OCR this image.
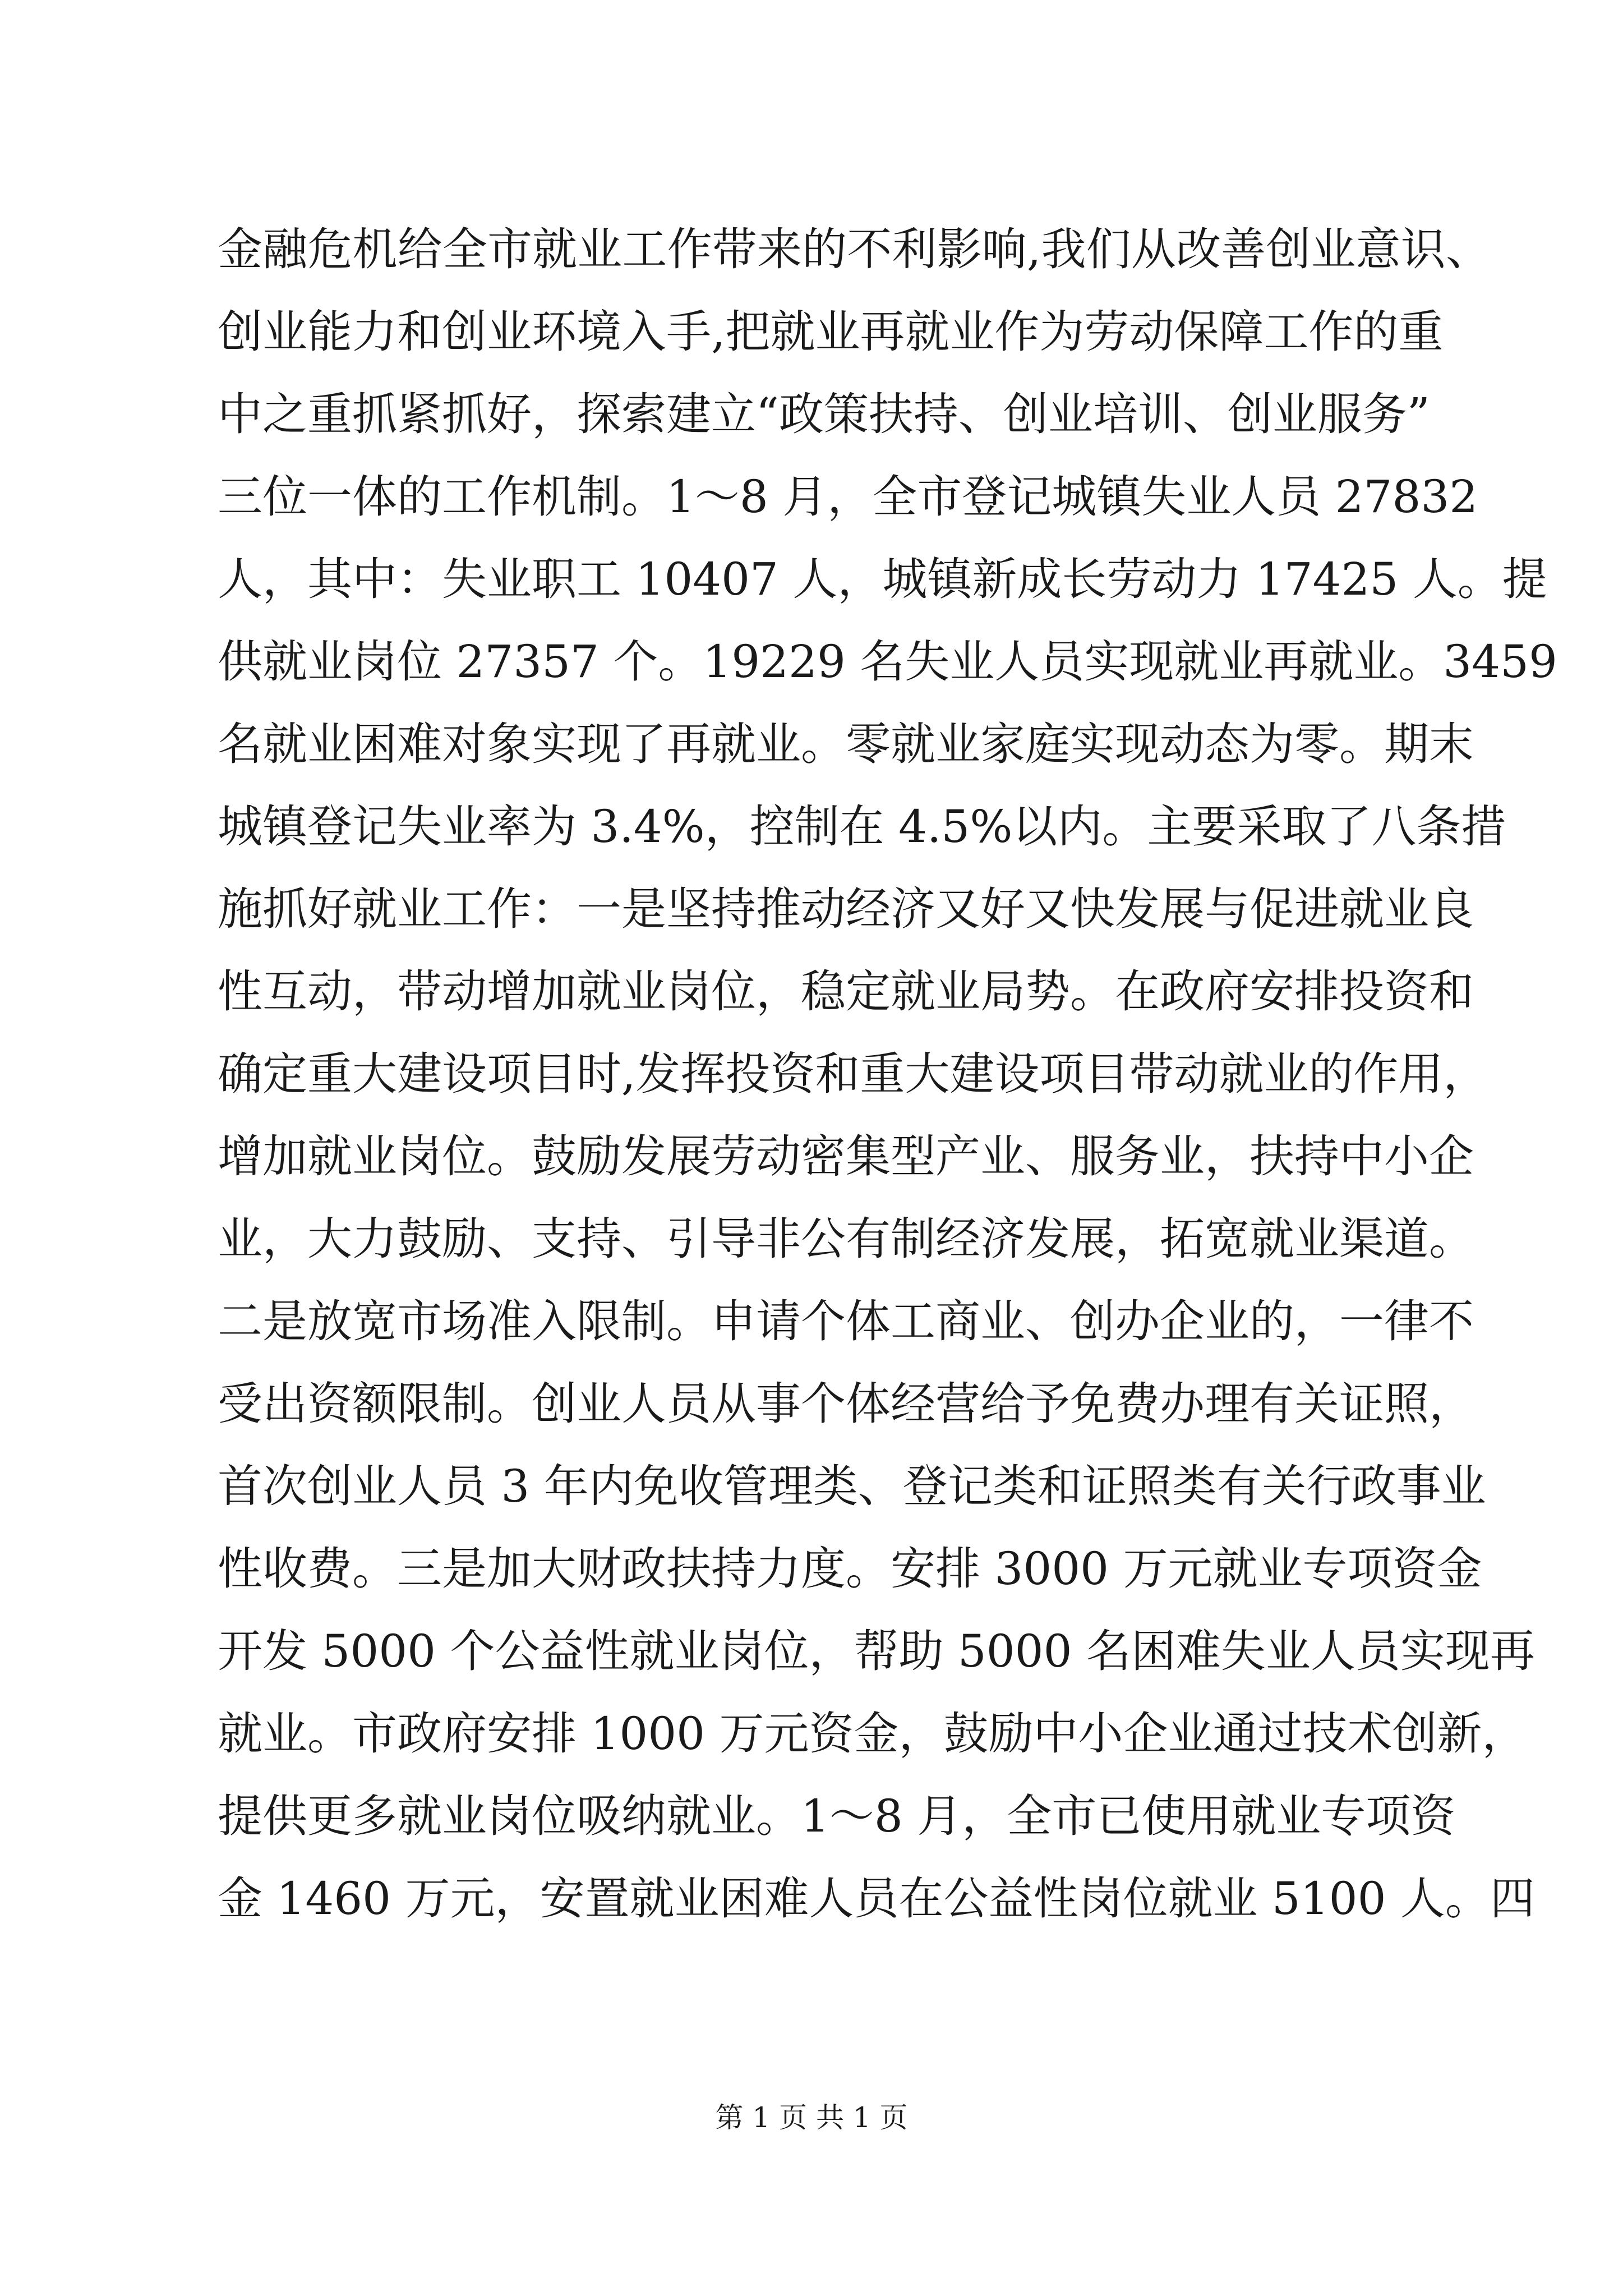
金融危机给全市就业工作带来的不利影响,我们从改善创业意识、
创业能力和创业环境入手,把就业再就业作为劳动保障工作的重
中之重抓紧抓好，探索建立“政策扶持、创业培训、创业服务”
三位一体的工作机制。1～8 月，全市登记城镇失业人员 27832
人，其中：失业职工 10407 人，城镇新成长劳动力 17425 人。提
供就业岗位 27357 个。19229 名失业人员实现就业再就业。3459
名就业困难对象实现了再就业。零就业家庭实现动态为零。期末
城镇登记失业率为 3.4%，控制在 4.5%以内。主要采取了八条措
施抓好就业工作：一是坚持推动经济又好又快发展与促进就业良
性互动，带动增加就业岗位，稳定就业局势。在政府安排投资和
确定重大建设项目时,发挥投资和重大建设项目带动就业的作用，
增加就业岗位。鼓励发展劳动密集型产业、服务业，扶持中小企
业，大力鼓励、支持、引导非公有制经济发展，拓宽就业渠道。
二是放宽市场准入限制。申请个体工商业、创办企业的，一律不
受出资额限制。创业人员从事个体经营给予免费办理有关证照，
首次创业人员 3 年内免收管理类、登记类和证照类有关行政事业
性收费。三是加大财政扶持力度。安排 3000 万元就业专项资金
开发 5000 个公益性就业岗位，帮助 5000 名困难失业人员实现再
就业。市政府安排 1000 万元资金，鼓励中小企业通过技术创新，
提供更多就业岗位吸纳就业。1～8 月，全市已使用就业专项资
金 1460 万元，安置就业困难人员在公益性岗位就业 5100 人。四
第 1 页 共 1 页
